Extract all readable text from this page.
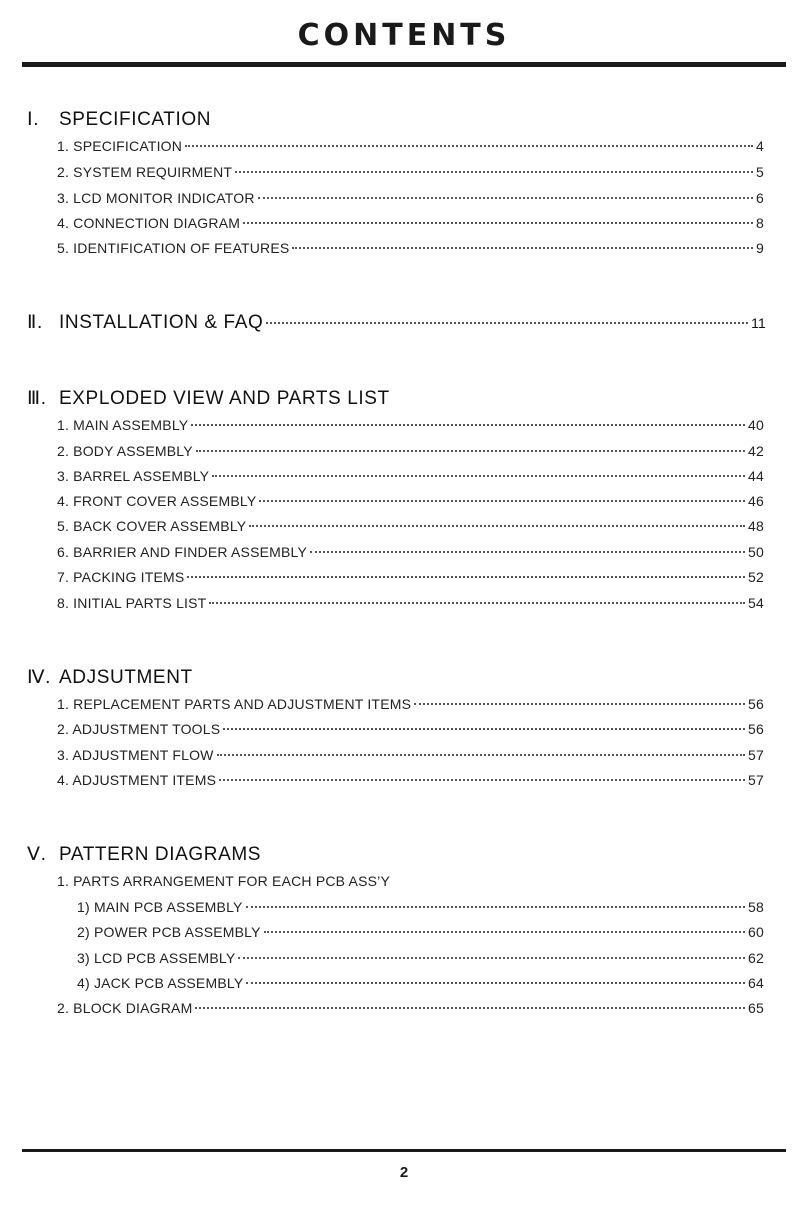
CONTENTS
Ⅰ. SPECIFICATION
1. SPECIFICATION	4
2. SYSTEM REQUIRMENT	5
3. LCD MONITOR INDICATOR	6
4. CONNECTION DIAGRAM	8
5. IDENTIFICATION OF FEATURES	9
Ⅱ. INSTALLATION & FAQ	11
Ⅲ. EXPLODED VIEW AND PARTS LIST
1. MAIN ASSEMBLY	40
2. BODY ASSEMBLY	42
3. BARREL ASSEMBLY	44
4. FRONT COVER ASSEMBLY	46
5. BACK COVER ASSEMBLY	48
6. BARRIER AND FINDER ASSEMBLY	50
7. PACKING ITEMS	52
8. INITIAL PARTS LIST	54
Ⅳ. ADJSUTMENT
1. REPLACEMENT PARTS AND ADJUSTMENT ITEMS	56
2. ADJUSTMENT TOOLS	56
3. ADJUSTMENT FLOW	57
4. ADJUSTMENT ITEMS	57
Ⅴ. PATTERN DIAGRAMS
1. PARTS ARRANGEMENT FOR EACH PCB ASS’Y
1) MAIN PCB ASSEMBLY	58
2) POWER PCB ASSEMBLY	60
3) LCD PCB ASSEMBLY	62
4) JACK PCB ASSEMBLY	64
2. BLOCK DIAGRAM	65
2
